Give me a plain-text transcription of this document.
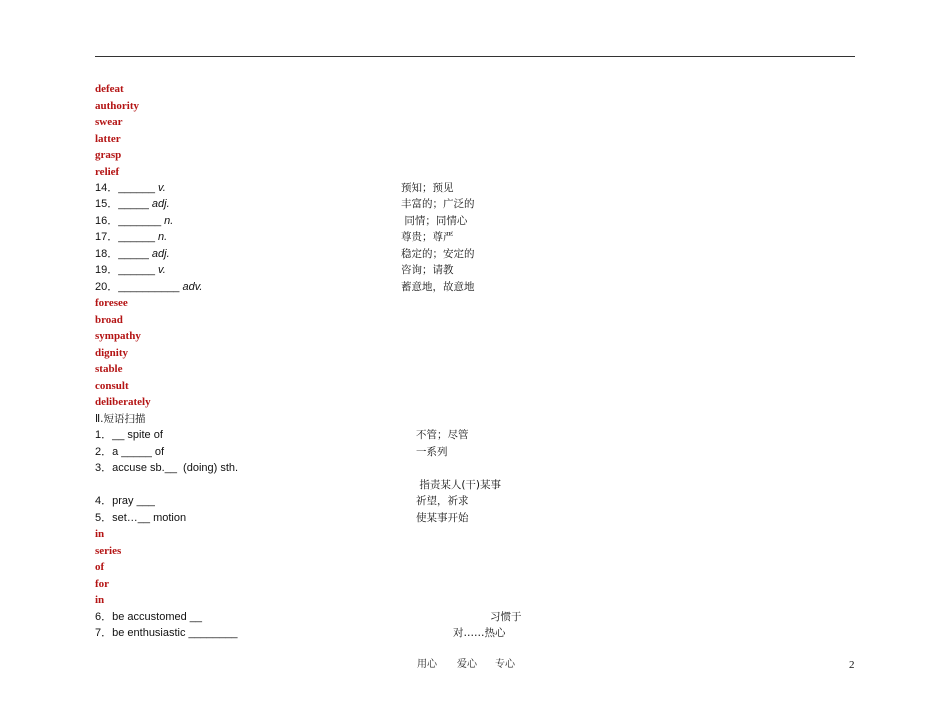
defeat
authority
swear
latter
grasp
relief
14．______ v.	预知；预见
15．_____ adj.	丰富的；广泛的
16．_______ n.	同情；同情心
17．______ n.	尊贵；尊严
18．_____ adj.	稳定的；安定的
19．______ v.	咨询；请教
20．__________ adv.	蓄意地，故意地
foresee
broad
sympathy
dignity
stable
consult
deliberately
Ⅱ.短语扫描
1．__ spite of	不管；尽管
2．a _____ of	一系列
3．accuse sb.__  (doing) sth.
指责某人(干)某事
4．pray ___	祈望，祈求
5．set…__ motion	使某事开始
in
series
of
for
in
6．be accustomed __	习惯于
7．be enthusiastic ________	对……热心
用心 爱心 专心	2
